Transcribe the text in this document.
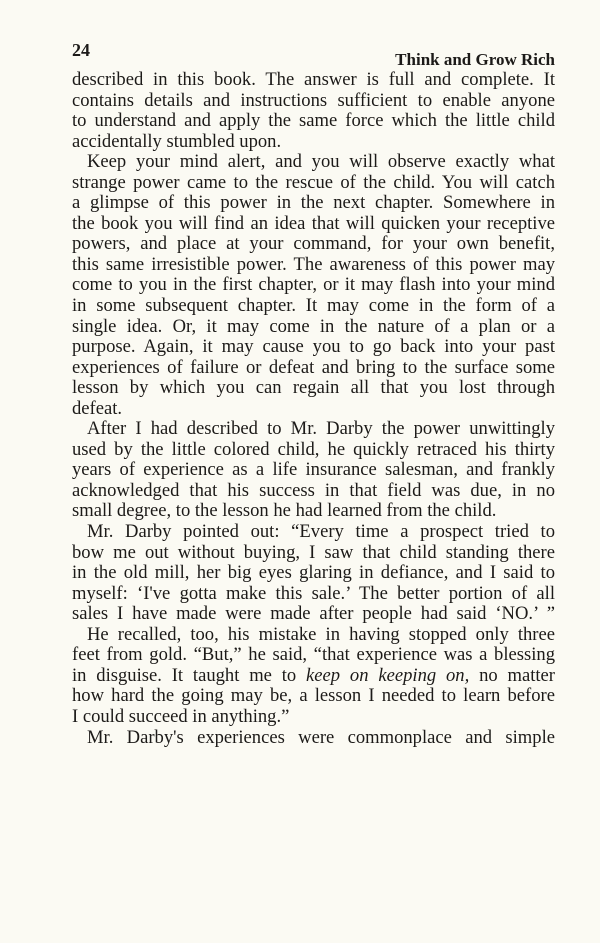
24	Think and Grow Rich
described in this book. The answer is full and complete. It
contains details and instructions sufficient to enable anyone
to understand and apply the same force which the little child
accidentally stumbled upon.
Keep your mind alert, and you will observe exactly what
strange power came to the rescue of the child. You will catch
a glimpse of this power in the next chapter. Somewhere in
the book you will find an idea that will quicken your receptive
powers, and place at your command, for your own benefit,
this same irresistible power. The awareness of this power may
come to you in the first chapter, or it may flash into your mind
in some subsequent chapter. It may come in the form of a
single idea. Or, it may come in the nature of a plan or a
purpose. Again, it may cause you to go back into your past
experiences of failure or defeat and bring to the surface some
lesson by which you can regain all that you lost through
defeat.
After I had described to Mr. Darby the power unwittingly
used by the little colored child, he quickly retraced his thirty
years of experience as a life insurance salesman, and frankly
acknowledged that his success in that field was due, in no
small degree, to the lesson he had learned from the child.
Mr. Darby pointed out: “Every time a prospect tried to
bow me out without buying, I saw that child standing there
in the old mill, her big eyes glaring in defiance, and I said to
myself: ‘I've gotta make this sale.’ The better portion of all
sales I have made were made after people had said ‘NO.’ ”
He recalled, too, his mistake in having stopped only three
feet from gold. “But,” he said, “that experience was a blessing
in disguise. It taught me to keep on keeping on, no matter
how hard the going may be, a lesson I needed to learn before
I could succeed in anything.”
Mr. Darby's experiences were commonplace and simple
